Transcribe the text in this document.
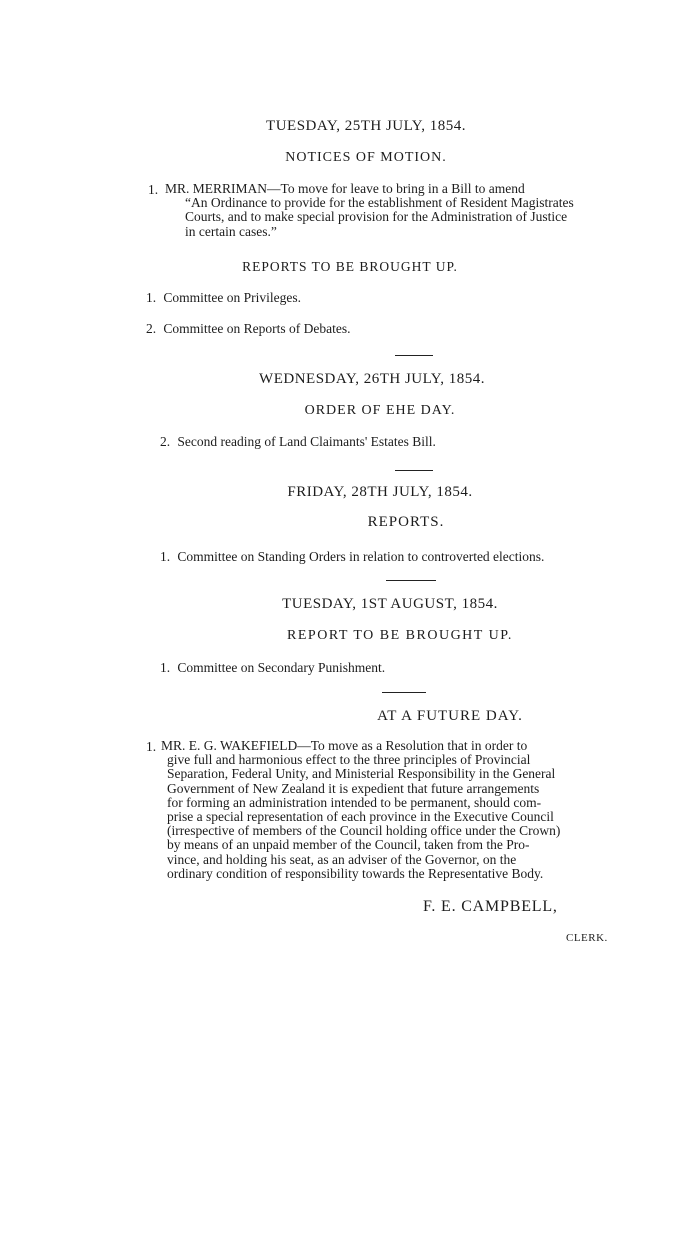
TUESDAY, 25TH JULY, 1854.
NOTICES OF MOTION.
1. MR. MERRIMAN—To move for leave to bring in a Bill to amend

“An Ordinance to provide for the establishment of Resident Magistrates

Courts, and to make special provision for the Administration of Justice

in certain cases.”

REPORTS TO BE BROUGHT UP.
1. Committee on Privileges.
2. Committee on Reports of Debates.
WEDNESDAY, 26TH JULY, 1854.
ORDER OF EHE DAY.
2. Second reading of Land Claimants' Estates Bill.
FRIDAY, 28TH JULY, 1854.
REPORTS.
1. Committee on Standing Orders in relation to controverted elections.
TUESDAY, 1ST AUGUST, 1854.
REPORT TO BE BROUGHT UP.
1. Committee on Secondary Punishment.
AT A FUTURE DAY.
1. MR. E. G. WAKEFIELD—To move as a Resolution that in order to

give full and harmonious effect to the three principles of Provincial

Separation, Federal Unity, and Ministerial Responsibility in the General

Government of New Zealand it is expedient that future arrangements

for forming an administration intended to be permanent, should com-

prise a special representation of each province in the Executive Council

(irrespective of members of the Council holding office under the Crown)

by means of an unpaid member of the Council, taken from the Pro-

vince, and holding his seat, as an adviser of the Governor, on the

ordinary condition of responsibility towards the Representative Body.

F. E. CAMPBELL,
CLERK.
